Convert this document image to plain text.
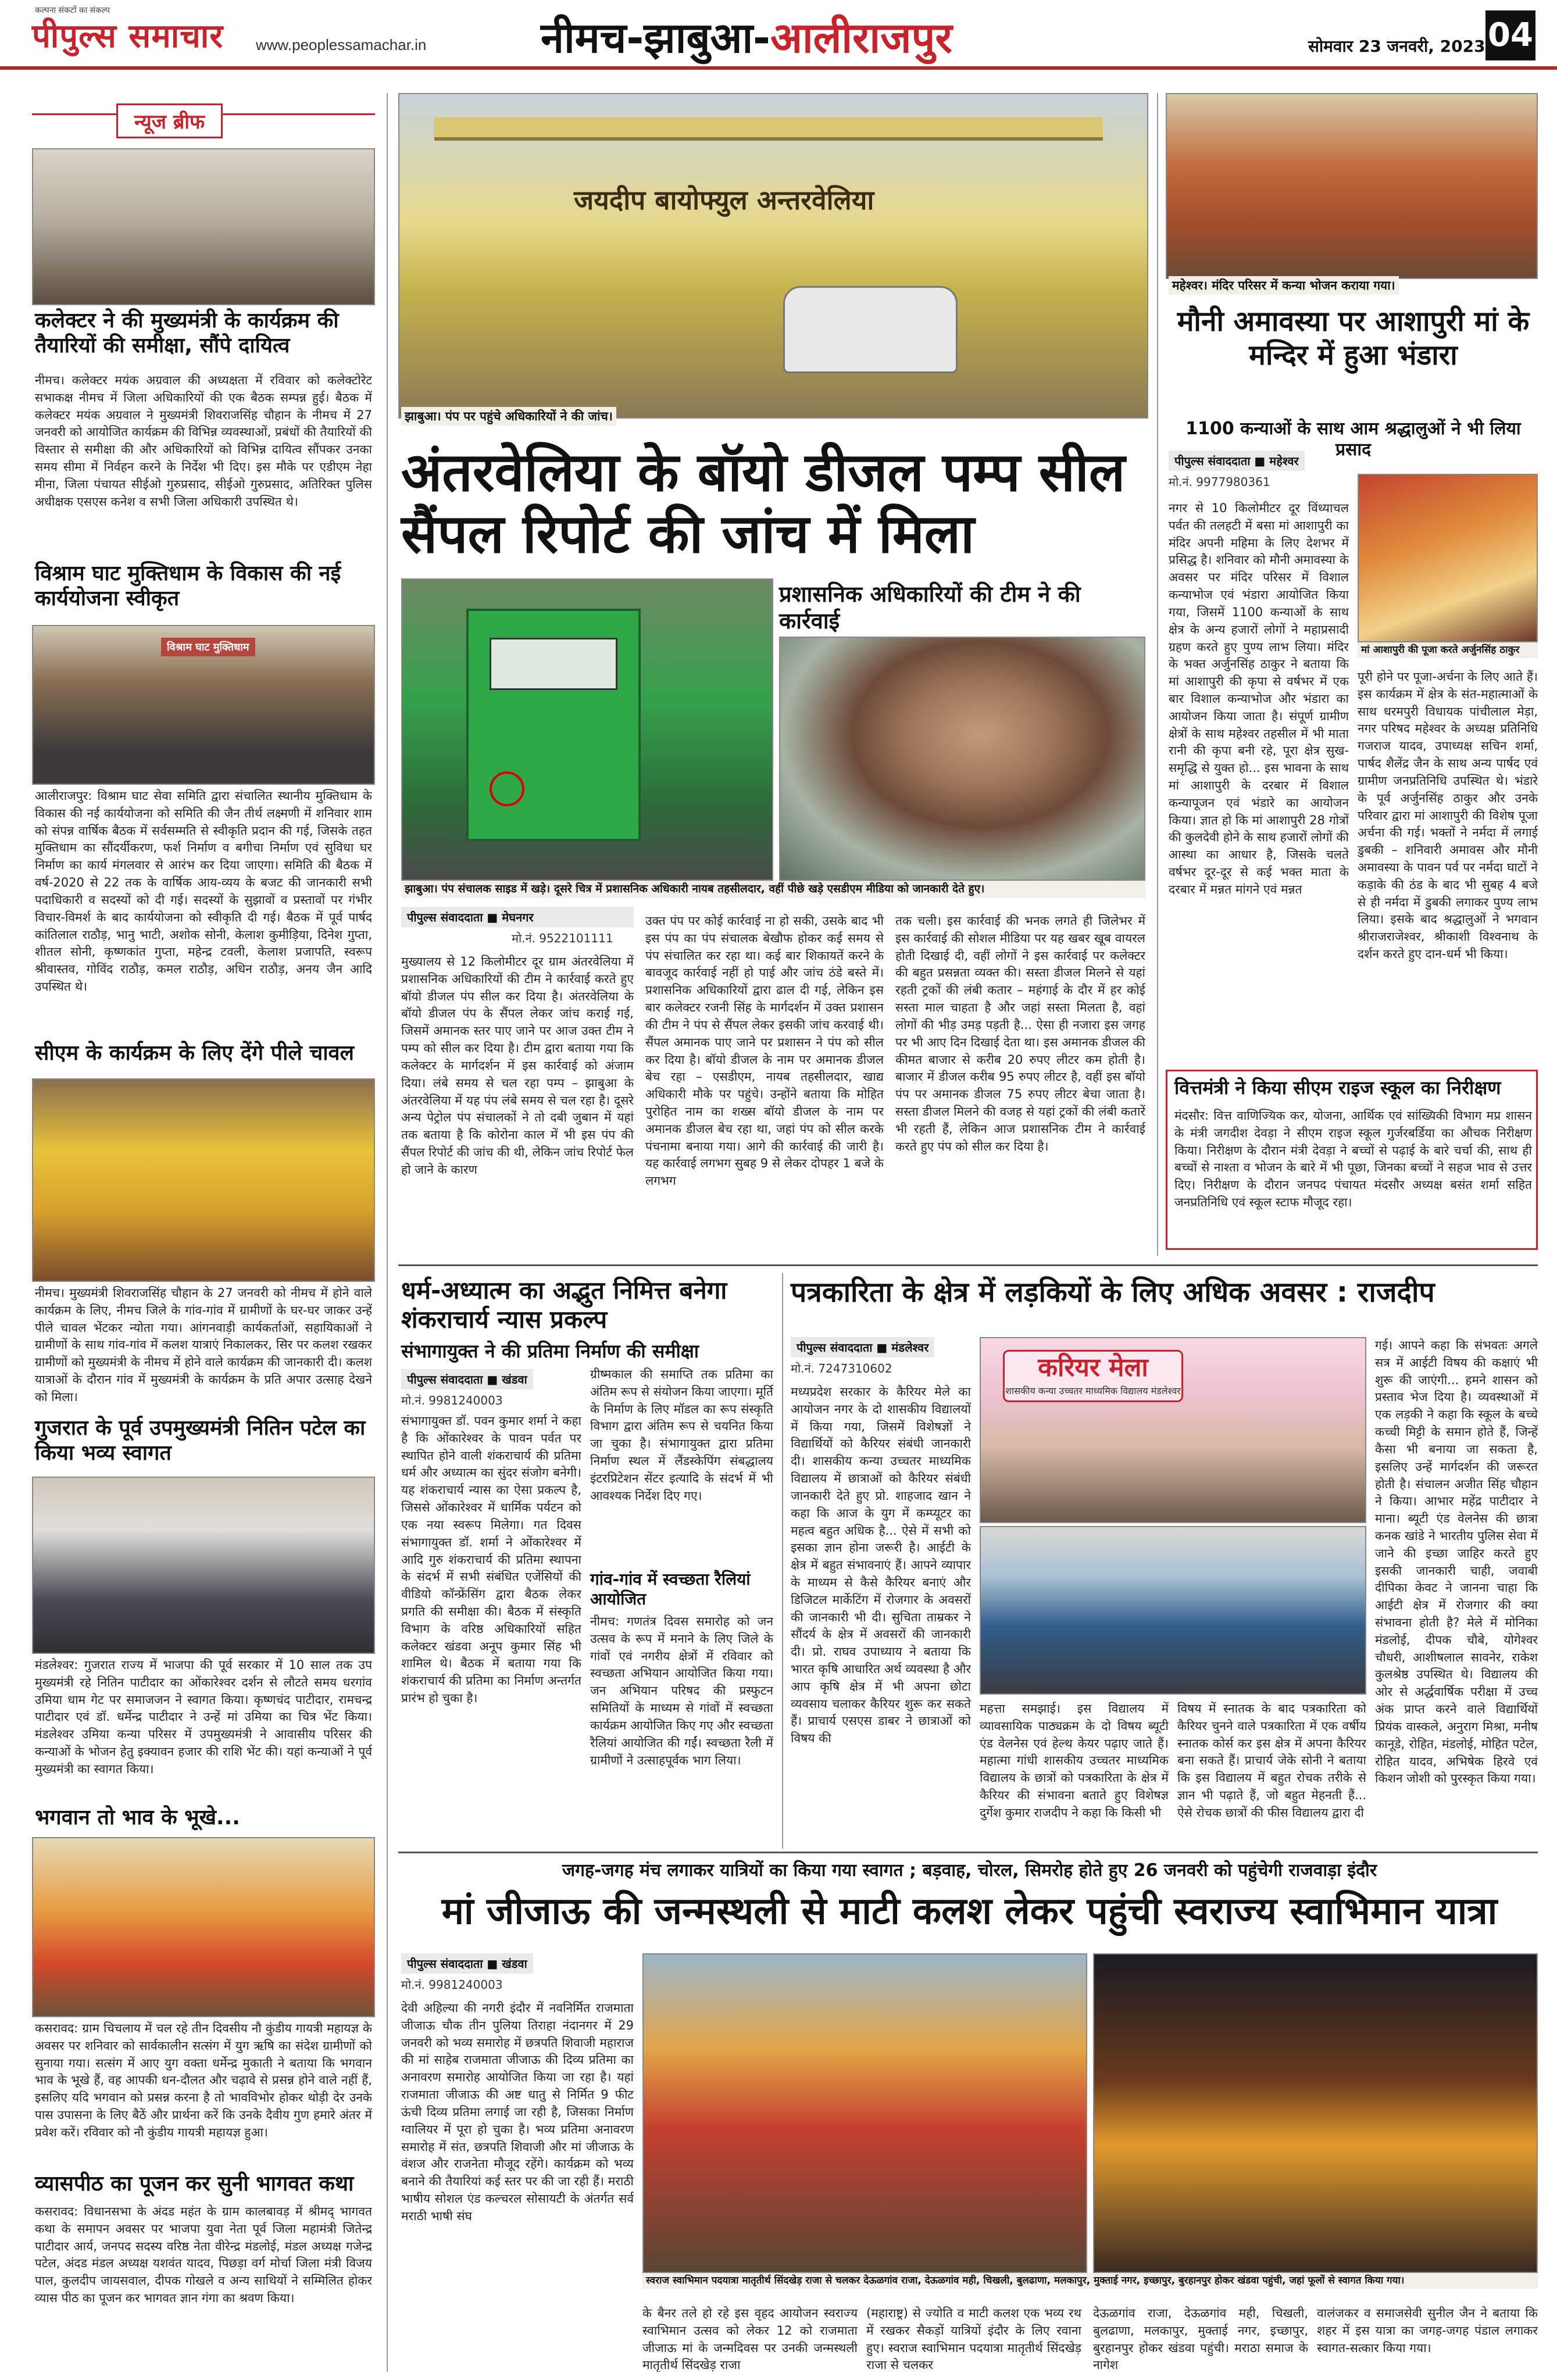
कल्पना संकटों का संकल्प
पीपुल्स समाचार www.peoplessamachar.in	नीमच-झाबुआ-आलीराजपुर	सोमवार 23 जनवरी, 2023 04
न्यूज ब्रीफ
कलेक्टर ने की मुख्यमंत्री के कार्यक्रम की तैयारियों की समीक्षा, सौंपे दायित्व
नीमच। कलेक्टर मयंक अग्रवाल की अध्यक्षता में रविवार को कलेक्टोरेट सभाकक्ष नीमच में जिला अधिकारियों की एक बैठक सम्पन्न हुई। बैठक में कलेक्टर मयंक अग्रवाल ने मुख्यमंत्री शिवराजसिंह चौहान के नीमच में 27 जनवरी को आयोजित कार्यक्रम की विभिन्न व्यवस्थाओं, प्रबंधों की तैयारियों की विस्तार से समीक्षा की और अधिकारियों को विभिन्न दायित्व सौंपकर उनका समय सीमा में निर्वहन करने के निर्देश भी दिए। इस मौके पर एडीएम नेहा मीना, जिला पंचायत सीईओ गुरुप्रसाद, सीईओ गुरुप्रसाद, अतिरिक्त पुलिस अधीक्षक एसएस कनेश व सभी जिला अधिकारी उपस्थित थे।
विश्राम घाट मुक्तिधाम के विकास की नई कार्ययोजना स्वीकृत
विश्राम घाट मुक्तिधाम
आलीराजपुर: विश्राम घाट सेवा समिति द्वारा संचालित स्थानीय मुक्तिधाम के विकास की नई कार्ययोजना को समिति की जैन तीर्थ लक्ष्मणी में शनिवार शाम को संपन्न वार्षिक बैठक में सर्वसम्मति से स्वीकृति प्रदान की गई, जिसके तहत मुक्तिधाम का सौंदर्यीकरण, फर्श निर्माण व बगीचा निर्माण एवं सुविधा घर निर्माण का कार्य मंगलवार से आरंभ कर दिया जाएगा। समिति की बैठक में वर्ष-2020 से 22 तक के वार्षिक आय-व्यय के बजट की जानकारी सभी पदाधिकारी व सदस्यों को दी गई। सदस्यों के सुझावों व प्रस्तावों पर गंभीर विचार-विमर्श के बाद कार्ययोजना को स्वीकृति दी गई। बैठक में पूर्व पार्षद कांतिलाल राठौड़, भानु भाटी, अशोक सोनी, केलाश कुमीड़िया, दिनेश गुप्ता, शीतल सोनी, कृष्णकांत गुप्ता, महेन्द्र टवली, केलाश प्रजापति, स्वरूप श्रीवास्तव, गोविंद राठौड़, कमल राठौड़, अधिन राठौड़, अनय जैन आदि उपस्थित थे।
सीएम के कार्यक्रम के लिए देंगे पीले चावल
नीमच। मुख्यमंत्री शिवराजसिंह चौहान के 27 जनवरी को नीमच में होने वाले कार्यक्रम के लिए, नीमच जिले के गांव-गांव में ग्रामीणों के घर-घर जाकर उन्हें पीले चावल भेंटकर न्योता गया। आंगनवाड़ी कार्यकर्ताओं, सहायिकाओं ने ग्रामीणों के साथ गांव-गांव में कलश यात्राएं निकालकर, सिर पर कलश रखकर ग्रामीणों को मुख्यमंत्री के नीमच में होने वाले कार्यक्रम की जानकारी दी। कलश यात्राओं के दौरान गांव में मुख्यमंत्री के कार्यक्रम के प्रति अपार उत्साह देखने को मिला।
गुजरात के पूर्व उपमुख्यमंत्री नितिन पटेल का किया भव्य स्वागत
मंडलेश्वर: गुजरात राज्य में भाजपा की पूर्व सरकार में 10 साल तक उप मुख्यमंत्री रहे नितिन पाटीदार का ओंकारेश्वर दर्शन से लौटते समय धरगांव उमिया धाम गेट पर समाजजन ने स्वागत किया। कृष्णचंद पाटीदार, रामचन्द्र पाटीदार एवं डॉ. धर्मेन्द्र पाटीदार ने उन्हें मां उमिया का चित्र भेंट किया। मंडलेश्वर उमिया कन्या परिसर में उपमुख्यमंत्री ने आवासीय परिसर की कन्याओं के भोजन हेतु इक्यावन हजार की राशि भेंट की। यहां कन्याओं ने पूर्व मुख्यमंत्री का स्वागत किया।
भगवान तो भाव के भूखे...
कसरावद: ग्राम चिचलाय में चल रहे तीन दिवसीय नौ कुंडीय गायत्री महायज्ञ के अवसर पर शनिवार को सार्वकालीन सत्संग में युग ऋषि का संदेश ग्रामीणों को सुनाया गया। सत्संग में आए युग वक्ता धर्मेन्द्र मुकाती ने बताया कि भगवान भाव के भूखे हैं, वह आपकी धन-दौलत और चढ़ावे से प्रसन्न होने वाले नहीं हैं, इसलिए यदि भगवान को प्रसन्न करना है तो भावविभोर होकर थोड़ी देर उनके पास उपासना के लिए बैठें और प्रार्थना करें कि उनके दैवीय गुण हमारे अंतर में प्रवेश करें। रविवार को नौ कुंडीय गायत्री महायज्ञ हुआ।
व्यासपीठ का पूजन कर सुनी भागवत कथा
कसरावद: विधानसभा के अंदड महंत के ग्राम कालबावड़ में श्रीमद् भागवत कथा के समापन अवसर पर भाजपा युवा नेता पूर्व जिला महामंत्री जितेन्द्र पाटीदार आर्य, जनपद सदस्य वरिष्ठ नेता वीरेन्द्र मंडलोई, मंडल अध्यक्ष गजेन्द्र पटेल, अंदड मंडल अध्यक्ष यशवंत यादव, पिछड़ा वर्ग मोर्चा जिला मंत्री विजय पाल, कुलदीप जायसवाल, दीपक गोखले व अन्य साथियों ने सम्मिलित होकर व्यास पीठ का पूजन कर भागवत ज्ञान गंगा का श्रवण किया।
जयदीप बायोफ्युल अन्तरवेलिया
झाबुआ। पंप पर पहुंचे अधिकारियों ने की जांच।
अंतरवेलिया के बॉयो डीजल पम्प सील सैंपल रिपोर्ट की जांच में मिला
प्रशासनिक अधिकारियों की टीम ने की कार्रवाई
झाबुआ। पंप संचालक साइड में खड़े। दूसरे चित्र में प्रशासनिक अधिकारी नायब तहसीलदार, वहीं पीछे खड़े एसडीएम मीडिया को जानकारी देते हुए।
पीपुल्स संवाददाता ■ मेघनगर
मो.नं. 9522101111
मुख्यालय से 12 किलोमीटर दूर ग्राम अंतरवेलिया में प्रशासनिक अधिकारियों की टीम ने कार्रवाई करते हुए बॉयो डीजल पंप सील कर दिया है। अंतरवेलिया के बॉयो डीजल पंप के सैंपल लेकर जांच कराई गई, जिसमें अमानक स्तर पाए जाने पर आज उक्त टीम ने पम्प को सील कर दिया है। टीम द्वारा बताया गया कि कलेक्टर के मार्गदर्शन में इस कार्रवाई को अंजाम दिया। लंबे समय से चल रहा पम्प – झाबुआ के अंतरवेलिया में यह पंप लंबे समय से चल रहा है। दूसरे अन्य पेट्रोल पंप संचालकों ने तो दबी जुबान में यहां तक बताया है कि कोरोना काल में भी इस पंप की सैंपल रिपोर्ट की जांच की थी, लेकिन जांच रिपोर्ट फेल हो जाने के कारण
उक्त पंप पर कोई कार्रवाई ना हो सकी, उसके बाद भी इस पंप का पंप संचालक बेखौफ होकर कई समय से पंप संचालित कर रहा था। कई बार शिकायतें करने के बावजूद कार्रवाई नहीं हो पाई और जांच ठंडे बस्ते में। प्रशासनिक अधिकारियों द्वारा ढाल दी गई, लेकिन इस बार कलेक्टर रजनी सिंह के मार्गदर्शन में उक्त प्रशासन की टीम ने पंप से सैंपल लेकर इसकी जांच करवाई थी। सैंपल अमानक पाए जाने पर प्रशासन ने पंप को सील कर दिया है। बॉयो डीजल के नाम पर अमानक डीजल बेच रहा – एसडीएम, नायब तहसीलदार, खाद्य अधिकारी मौके पर पहुंचे। उन्होंने बताया कि मोहित पुरोहित नाम का शख्स बॉयो डीजल के नाम पर अमानक डीजल बेच रहा था, जहां पंप को सील करके पंचनामा बनाया गया। आगे की कार्रवाई की जारी है। यह कार्रवाई लगभग सुबह 9 से लेकर दोपहर 1 बजे के लगभग
तक चली। इस कार्रवाई की भनक लगते ही जिलेभर में इस कार्रवाई की सोशल मीडिया पर यह खबर खूब वायरल होती दिखाई दी, वहीं लोगों ने इस कार्रवाई पर कलेक्टर की बहुत प्रसन्नता व्यक्त की। सस्ता डीजल मिलने से यहां रहती ट्रकों की लंबी कतार – महंगाई के दौर में हर कोई सस्ता माल चाहता है और जहां सस्ता मिलता है, वहां लोगों की भीड़ उमड़ पड़ती है... ऐसा ही नजारा इस जगह पर भी आए दिन दिखाई देता था। इस अमानक डीजल की कीमत बाजार से करीब 20 रुपए लीटर कम होती है। बाजार में डीजल करीब 95 रुपए लीटर है, वहीं इस बॉयो पंप पर अमानक डीजल 75 रुपए लीटर बेचा जाता है। सस्ता डीजल मिलने की वजह से यहां ट्रकों की लंबी कतारें भी रहती हैं, लेकिन आज प्रशासनिक टीम ने कार्रवाई करते हुए पंप को सील कर दिया है।
महेश्वर। मंदिर परिसर में कन्या भोजन कराया गया।
मौनी अमावस्या पर आशापुरी मां के मन्दिर में हुआ भंडारा
1100 कन्याओं के साथ आम श्रद्धालुओं ने भी लिया प्रसाद
पीपुल्स संवाददाता ■ महेश्वर
मो.नं. 9977980361
नगर से 10 किलोमीटर दूर विंध्याचल पर्वत की तलहटी में बसा मां आशापुरी का मंदिर अपनी महिमा के लिए देशभर में प्रसिद्ध है। शनिवार को मौनी अमावस्या के अवसर पर मंदिर परिसर में विशाल कन्याभोज एवं भंडारा आयोजित किया गया, जिसमें 1100 कन्याओं के साथ क्षेत्र के अन्य हजारों लोगों ने महाप्रसादी ग्रहण करते हुए पुण्य लाभ लिया। मंदिर के भक्त अर्जुनसिंह ठाकुर ने बताया कि मां आशापुरी की कृपा से वर्षभर में एक बार विशाल कन्याभोज और भंडारा का आयोजन किया जाता है। संपूर्ण ग्रामीण क्षेत्रों के साथ महेश्वर तहसील में भी माता रानी की कृपा बनी रहे, पूरा क्षेत्र सुख-समृद्धि से युक्त हो... इस भावना के साथ मां आशापुरी के दरबार में विशाल कन्यापूजन एवं भंडारे का आयोजन किया। ज्ञात हो कि मां आशापुरी 28 गोत्रों की कुलदेवी होने के साथ हजारों लोगों की आस्था का आधार है, जिसके चलते वर्षभर दूर-दूर से कई भक्त माता के दरबार में मन्नत मांगने एवं मन्नत
मां आशापुरी की पूजा करते अर्जुनसिंह ठाकुर
पूरी होने पर पूजा-अर्चना के लिए आते हैं। इस कार्यक्रम में क्षेत्र के संत-महात्माओं के साथ धरमपुरी विधायक पांचीलाल मेड़ा, नगर परिषद महेश्वर के अध्यक्ष प्रतिनिधि गजराज यादव, उपाध्यक्ष सचिन शर्मा, पार्षद शैलेंद्र जैन के साथ अन्य पार्षद एवं ग्रामीण जनप्रतिनिधि उपस्थित थे। भंडारे के पूर्व अर्जुनसिंह ठाकुर और उनके परिवार द्वारा मां आशापुरी की विशेष पूजा अर्चना की गई। भक्तों ने नर्मदा में लगाई डुबकी – शनिवारी अमावस और मौनी अमावस्या के पावन पर्व पर नर्मदा घाटों ने कड़ाके की ठंड के बाद भी सुबह 4 बजे से ही नर्मदा में डुबकी लगाकर पुण्य लाभ लिया। इसके बाद श्रद्धालुओं ने भगवान श्रीराजराजेश्वर, श्रीकाशी विश्वनाथ के दर्शन करते हुए दान-धर्म भी किया।
वित्तमंत्री ने किया सीएम राइज स्कूल का निरीक्षण
मंदसौर: वित्त वाणिज्यिक कर, योजना, आर्थिक एवं सांख्यिकी विभाग मप्र शासन के मंत्री जगदीश देवड़ा ने सीएम राइज स्कूल गुर्जरबर्डिया का औचक निरीक्षण किया। निरीक्षण के दौरान मंत्री देवड़ा ने बच्चों से पढ़ाई के बारे चर्चा की, साथ ही बच्चों से नाश्ता व भोजन के बारे में भी पूछा, जिनका बच्चों ने सहज भाव से उत्तर दिए। निरीक्षण के दौरान जनपद पंचायत मंदसौर अध्यक्ष बसंत शर्मा सहित जनप्रतिनिधि एवं स्कूल स्टाफ मौजूद रहा।
धर्म-अध्यात्म का अद्भुत निमित्त बनेगा शंकराचार्य न्यास प्रकल्प
संभागायुक्त ने की प्रतिमा निर्माण की समीक्षा
पीपुल्स संवाददाता ■ खंडवा
मो.नं. 9981240003
संभागायुक्त डॉ. पवन कुमार शर्मा ने कहा है कि ओंकारेश्वर के पावन पर्वत पर स्थापित होने वाली शंकराचार्य की प्रतिमा धर्म और अध्यात्म का सुंदर संजोग बनेगी। यह शंकराचार्य न्यास का ऐसा प्रकल्प है, जिससे ओंकारेश्वर में धार्मिक पर्यटन को एक नया स्वरूप मिलेगा। गत दिवस संभागायुक्त डॉ. शर्मा ने ओंकारेश्वर में आदि गुरु शंकराचार्य की प्रतिमा स्थापना के संदर्भ में सभी संबंधित एजेंसियों की वीडियो कॉन्फ्रेंसिंग द्वारा बैठक लेकर प्रगति की समीक्षा की। बैठक में संस्कृति विभाग के वरिष्ठ अधिकारियों सहित कलेक्टर खंडवा अनूप कुमार सिंह भी शामिल थे। बैठक में बताया गया कि शंकराचार्य की प्रतिमा का निर्माण अन्तर्गत प्रारंभ हो चुका है।
ग्रीष्मकाल की समाप्ति तक प्रतिमा का अंतिम रूप से संयोजन किया जाएगा। मूर्ति के निर्माण के लिए मॉडल का रूप संस्कृति विभाग द्वारा अंतिम रूप से चयनित किया जा चुका है। संभागायुक्त द्वारा प्रतिमा निर्माण स्थल में लैंडस्केपिंग संबद्धालय इंटरप्रिटेशन सेंटर इत्यादि के संदर्भ में भी आवश्यक निर्देश दिए गए।
गांव-गांव में स्वच्छता रैलियां आयोजित
नीमच: गणतंत्र दिवस समारोह को जन उत्सव के रूप में मनाने के लिए जिले के गांवों एवं नगरीय क्षेत्रों में रविवार को स्वच्छता अभियान आयोजित किया गया। जन अभियान परिषद की प्रस्फुटन समितियों के माध्यम से गांवों में स्वच्छता कार्यक्रम आयोजित किए गए और स्वच्छता रैलियां आयोजित की गईं। स्वच्छता रैली में ग्रामीणों ने उत्साहपूर्वक भाग लिया।
पत्रकारिता के क्षेत्र में लड़कियों के लिए अधिक अवसर : राजदीप
पीपुल्स संवाददाता ■ मंडलेश्वर
मो.नं. 7247310602
मध्यप्रदेश सरकार के कैरियर मेले का आयोजन नगर के दो शासकीय विद्यालयों में किया गया, जिसमें विशेषज्ञों ने विद्यार्थियों को कैरियर संबंधी जानकारी दी। शासकीय कन्या उच्चतर माध्यमिक विद्यालय में छात्राओं को कैरियर संबंधी जानकारी देते हुए प्रो. शाहजाद खान ने कहा कि आज के युग में कम्प्यूटर का महत्व बहुत अधिक है... ऐसे में सभी को इसका ज्ञान होना जरूरी है। आईटी के क्षेत्र में बहुत संभावनाएं हैं। आपने व्यापार के माध्यम से कैसे कैरियर बनाएं और डिजिटल मार्केटिंग में रोजगार के अवसरों की जानकारी भी दी। सुचिता ताम्रकर ने सौंदर्य के क्षेत्र में अवसरों की जानकारी दी। प्रो. राघव उपाध्याय ने बताया कि भारत कृषि आधारित अर्थ व्यवस्था है और आप कृषि क्षेत्र में भी अपना छोटा व्यवसाय चलाकर कैरियर शुरू कर सकते हैं। प्राचार्य एसएस डाबर ने छात्राओं को विषय की
करियर मेला
शासकीय कन्या उच्चतर माध्यमिक विद्यालय मंडलेश्वर
महत्ता समझाई। इस विद्यालय में व्यावसायिक पाठ्यक्रम के दो विषय ब्यूटी एंड वेलनेस एवं हेल्थ केयर पढ़ाए जाते हैं। महात्मा गांधी शासकीय उच्चतर माध्यमिक विद्यालय के छात्रों को पत्रकारिता के क्षेत्र में कैरियर की संभावना बताते हुए विशेषज्ञ दुर्गेश कुमार राजदीप ने कहा कि किसी भी
विषय में स्नातक के बाद पत्रकारिता को कैरियर चुनने वाले पत्रकारिता में एक वर्षीय स्नातक कोर्स कर इस क्षेत्र में अपना कैरियर बना सकते हैं। प्राचार्य जेके सोनी ने बताया कि इस विद्यालय में बहुत रोचक तरीके से ज्ञान भी पढ़ाते हैं, जो बहुत मेहनती हैं... ऐसे रोचक छात्रों की फीस विद्यालय द्वारा दी
गई। आपने कहा कि संभवतः अगले सत्र में आईटी विषय की कक्षाएं भी शुरू की जाएंगी... हमने शासन को प्रस्ताव भेज दिया है। व्यवस्थाओं में एक लड़की ने कहा कि स्कूल के बच्चे कच्ची मिट्टी के समान होते हैं, जिन्हें कैसा भी बनाया जा सकता है, इसलिए उन्हें मार्गदर्शन की जरूरत होती है। संचालन अजीत सिंह चौहान ने किया। आभार महेंद्र पाटीदार ने माना। ब्यूटी एंड वेलनेस की छात्रा कनक खांडे ने भारतीय पुलिस सेवा में जाने की इच्छा जाहिर करते हुए इसकी जानकारी चाही, जवाबी दीपिका केवट ने जानना चाहा कि आईटी क्षेत्र में रोजगार की क्या संभावना होती है? मेले में मोनिका मंडलोई, दीपक चौबे, योगेश्वर चौधरी, आशीषलाल सावनेर, राकेश कुलश्रेष्ठ उपस्थित थे। विद्यालय की ओर से अर्द्धवार्षिक परीक्षा में उच्च अंक प्राप्त करने वाले विद्यार्थियों प्रियंक वास्कले, अनुराग मिश्रा, मनीष कानूडे, रोहित, मंडलोई, मोहित पटेल, रोहित यादव, अभिषेक हिरवे एवं किशन जोशी को पुरस्कृत किया गया।
जगह-जगह मंच लगाकर यात्रियों का किया गया स्वागत ; बड़वाह, चोरल, सिमरोह होते हुए 26 जनवरी को पहुंचेगी राजवाड़ा इंदौर
मां जीजाऊ की जन्मस्थली से माटी कलश लेकर पहुंची स्वराज्य स्वाभिमान यात्रा
पीपुल्स संवाददाता ■ खंडवा
मो.नं. 9981240003
देवी अहिल्या की नगरी इंदौर में नवनिर्मित राजमाता जीजाऊ चौक तीन पुलिया तिराहा नंदानगर में 29 जनवरी को भव्य समारोह में छत्रपति शिवाजी महाराज की मां साहेब राजमाता जीजाऊ की दिव्य प्रतिमा का अनावरण समारोह आयोजित किया जा रहा है। यहां राजमाता जीजाऊ की अष्ट धातु से निर्मित 9 फीट ऊंची दिव्य प्रतिमा लगाई जा रही है, जिसका निर्माण ग्वालियर में पूरा हो चुका है। भव्य प्रतिमा अनावरण समारोह में संत, छत्रपति शिवाजी और मां जीजाऊ के वंशज और राजनेता मौजूद रहेंगे। कार्यक्रम को भव्य बनाने की तैयारियां कई स्तर पर की जा रही हैं। मराठी भाषीय सोशल एंड कल्चरल सोसायटी के अंतर्गत सर्व मराठी भाषी संघ
स्वराज स्वाभिमान पदयात्रा मातृतीर्थ सिंदखेड़ राजा से चलकर देऊळगांव राजा, देऊळगांव मही, चिखली, बुलढाणा, मलकापुर, मुक्ताई नगर, इच्छापुर, बुरहानपुर होकर खंडवा पहुंची, जहां फूलों से स्वागत किया गया।
के बैनर तले हो रहे इस वृहद आयोजन स्वराज्य स्वाभिमान उत्सव को लेकर 12 को राजमाता जीजाऊ मां के जन्मदिवस पर उनकी जन्मस्थली मातृतीर्थ सिंदखेड़ राजा
(महाराष्ट्र) से ज्योति व माटी कलश एक भव्य रथ में रखकर सैकड़ों यात्रियों इंदौर के लिए रवाना हुए। स्वराज स्वाभिमान पदयात्रा मातृतीर्थ सिंदखेड़ राजा से चलकर
देऊळगांव राजा, देऊळगांव मही, चिखली, बुलढाणा, मलकापुर, मुक्ताई नगर, इच्छापुर, बुरहानपुर होकर खंडवा पहुंची। मराठा समाज के नागेश
वालंजकर व समाजसेवी सुनील जैन ने बताया कि शहर में इस यात्रा का जगह-जगह पंडाल लगाकर स्वागत-सत्कार किया गया।
